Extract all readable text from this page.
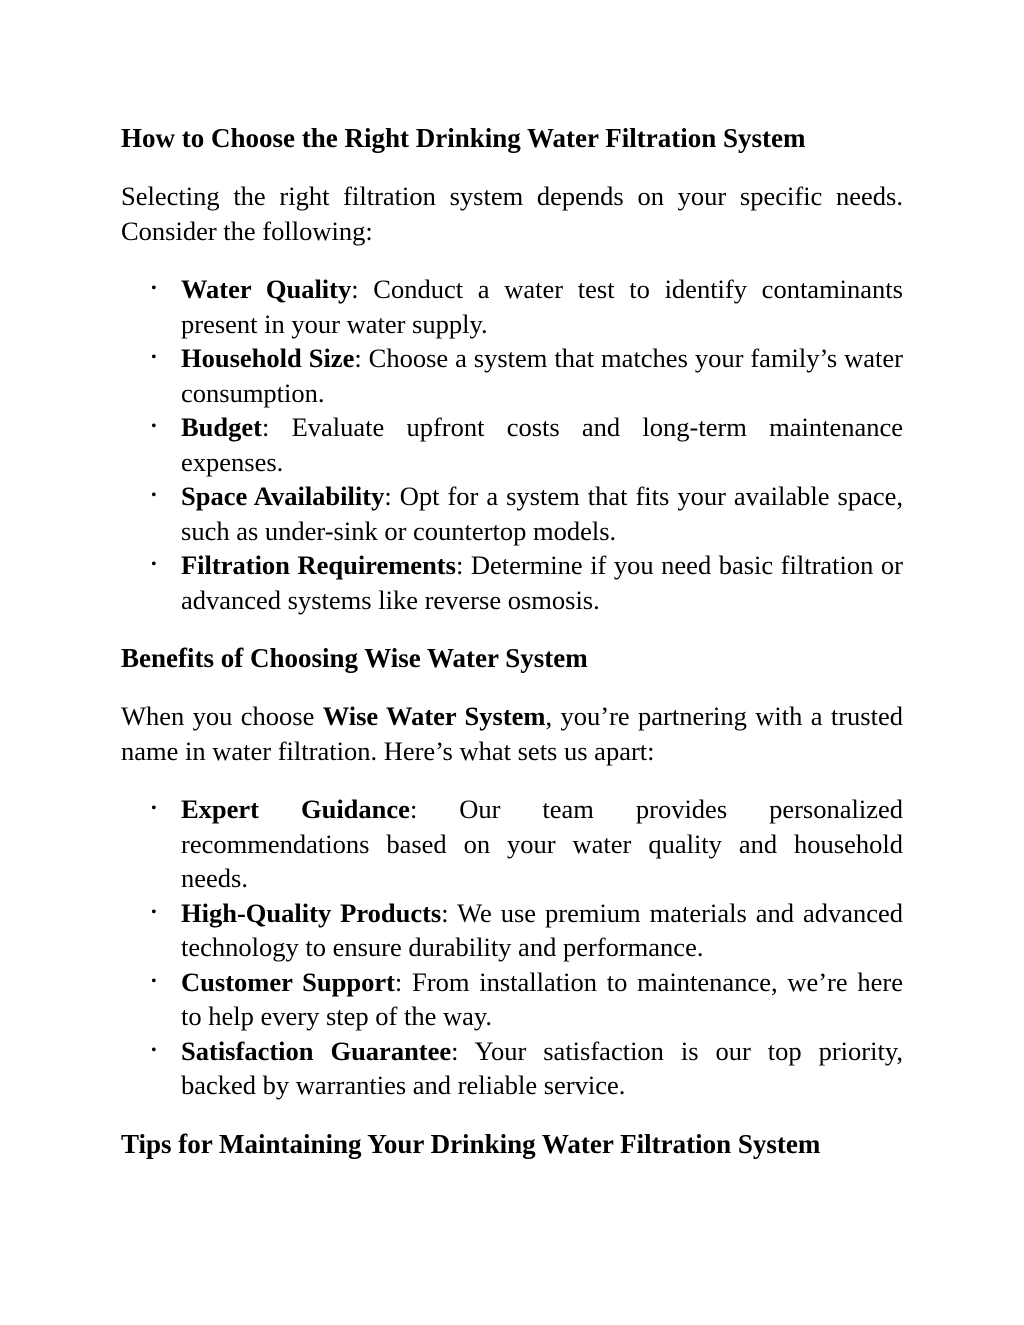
How to Choose the Right Drinking Water Filtration System

Selecting the right filtration system depends on your specific needs. Consider the following:

• Water Quality: Conduct a water test to identify contaminants present in your water supply.
• Household Size: Choose a system that matches your family’s water consumption.
• Budget: Evaluate upfront costs and long-term maintenance expenses.
• Space Availability: Opt for a system that fits your available space, such as under-sink or countertop models.
• Filtration Requirements: Determine if you need basic filtration or advanced systems like reverse osmosis.
Benefits of Choosing Wise Water System

When you choose Wise Water System, you’re partnering with a trusted name in water filtration. Here’s what sets us apart:

• Expert Guidance: Our team provides personalized recommendations based on your water quality and household needs.
• High-Quality Products: We use premium materials and advanced technology to ensure durability and performance.
• Customer Support: From installation to maintenance, we’re here to help every step of the way.
• Satisfaction Guarantee: Your satisfaction is our top priority, backed by warranties and reliable service.
Tips for Maintaining Your Drinking Water Filtration System
